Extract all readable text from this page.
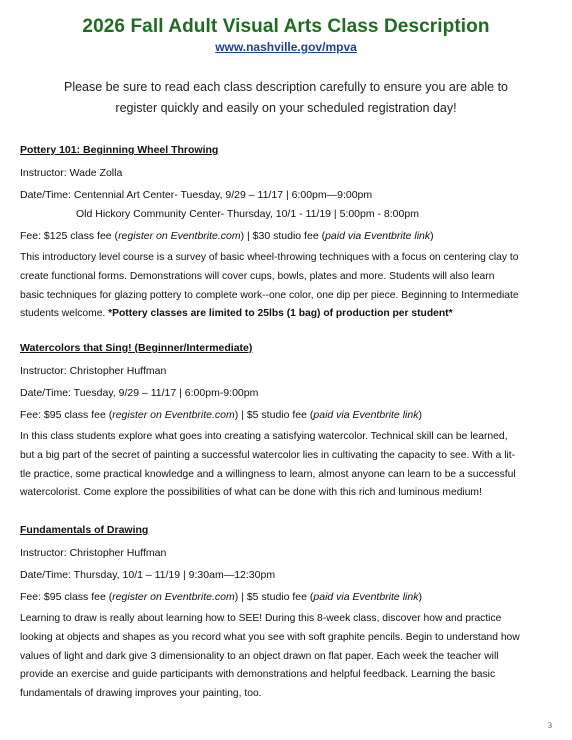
2026 Fall Adult Visual Arts Class Description
www.nashville.gov/mpva
Please be sure to read each class description carefully to ensure you are able to
register quickly and easily on your scheduled registration day!
Pottery 101: Beginning Wheel Throwing
Instructor: Wade Zolla
Date/Time: Centennial Art Center- Tuesday, 9/29 – 11/17 | 6:00pm—9:00pm
Old Hickory Community Center- Thursday, 10/1 - 11/19 | 5:00pm - 8:00pm
Fee: $125 class fee (register on Eventbrite.com) | $30 studio fee (paid via Eventbrite link)
This introductory level course is a survey of basic wheel-throwing techniques with a focus on centering clay to
create functional forms. Demonstrations will cover cups, bowls, plates and more. Students will also learn
basic techniques for glazing pottery to complete work--one color, one dip per piece. Beginning to Intermediate
students welcome. *Pottery classes are limited to 25lbs (1 bag) of production per student*
Watercolors that Sing! (Beginner/Intermediate)
Instructor: Christopher Huffman
Date/Time: Tuesday, 9/29 – 11/17 | 6:00pm-9:00pm
Fee: $95 class fee (register on Eventbrite.com) | $5 studio fee (paid via Eventbrite link)
In this class students explore what goes into creating a satisfying watercolor. Technical skill can be learned,
but a big part of the secret of painting a successful watercolor lies in cultivating the capacity to see. With a lit-
tle practice, some practical knowledge and a willingness to learn, almost anyone can learn to be a successful
watercolorist. Come explore the possibilities of what can be done with this rich and luminous medium!
Fundamentals of Drawing
Instructor: Christopher Huffman
Date/Time: Thursday, 10/1 – 11/19 | 9:30am—12:30pm
Fee: $95 class fee (register on Eventbrite.com) | $5 studio fee (paid via Eventbrite link)
Learning to draw is really about learning how to SEE! During this 8-week class, discover how and practice
looking at objects and shapes as you record what you see with soft graphite pencils. Begin to understand how
values of light and dark give 3 dimensionality to an object drawn on flat paper. Each week the teacher will
provide an exercise and guide participants with demonstrations and helpful feedback. Learning the basic
fundamentals of drawing improves your painting, too.
3
